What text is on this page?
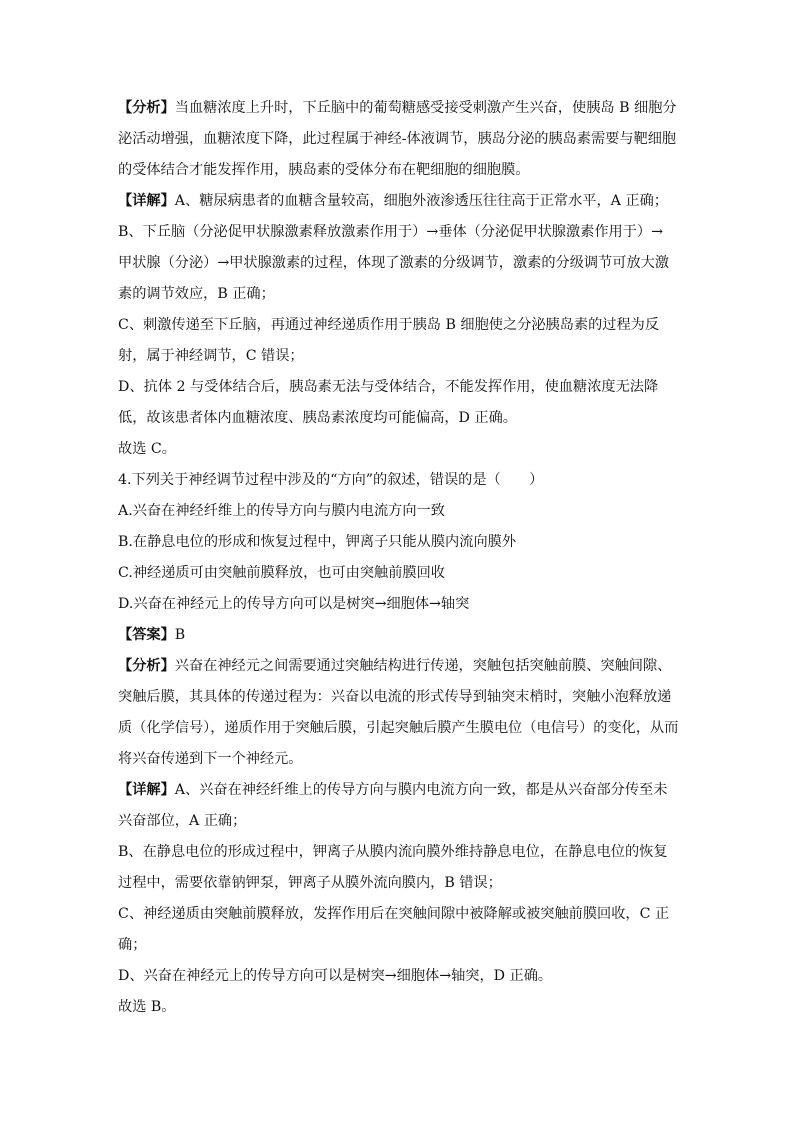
【分析】当血糖浓度上升时，下丘脑中的葡萄糖感受接受刺激产生兴奋，使胰岛 B 细胞分
泌活动增强，血糖浓度下降，此过程属于神经-体液调节，胰岛分泌的胰岛素需要与靶细胞
的受体结合才能发挥作用，胰岛素的受体分布在靶细胞的细胞膜。
【详解】A、糖尿病患者的血糖含量较高，细胞外液渗透压往往高于正常水平，A 正确；
B、下丘脑（分泌促甲状腺激素释放激素作用于）→垂体（分泌促甲状腺激素作用于）→
甲状腺（分泌）→甲状腺激素的过程，体现了激素的分级调节，激素的分级调节可放大激
素的调节效应，B 正确；
C、刺激传递至下丘脑，再通过神经递质作用于胰岛 B 细胞使之分泌胰岛素的过程为反
射，属于神经调节，C 错误；
D、抗体 2 与受体结合后，胰岛素无法与受体结合，不能发挥作用，使血糖浓度无法降
低，故该患者体内血糖浓度、胰岛素浓度均可能偏高，D 正确。
故选 C。
4.下列关于神经调节过程中涉及的“方向”的叙述，错误的是（　　）
A.兴奋在神经纤维上的传导方向与膜内电流方向一致
B.在静息电位的形成和恢复过程中，钾离子只能从膜内流向膜外
C.神经递质可由突触前膜释放，也可由突触前膜回收
D.兴奋在神经元上的传导方向可以是树突→细胞体→轴突
【答案】B
【分析】兴奋在神经元之间需要通过突触结构进行传递，突触包括突触前膜、突触间隙、
突触后膜，其具体的传递过程为：兴奋以电流的形式传导到轴突末梢时，突触小泡释放递
质（化学信号），递质作用于突触后膜，引起突触后膜产生膜电位（电信号）的变化，从而
将兴奋传递到下一个神经元。
【详解】A、兴奋在神经纤维上的传导方向与膜内电流方向一致，都是从兴奋部分传至未
兴奋部位，A 正确；
B、在静息电位的形成过程中，钾离子从膜内流向膜外维持静息电位，在静息电位的恢复
过程中，需要依靠钠钾泵，钾离子从膜外流向膜内，B 错误；
C、神经递质由突触前膜释放，发挥作用后在突触间隙中被降解或被突触前膜回收，C 正
确；
D、兴奋在神经元上的传导方向可以是树突→细胞体→轴突，D 正确。
故选 B。
